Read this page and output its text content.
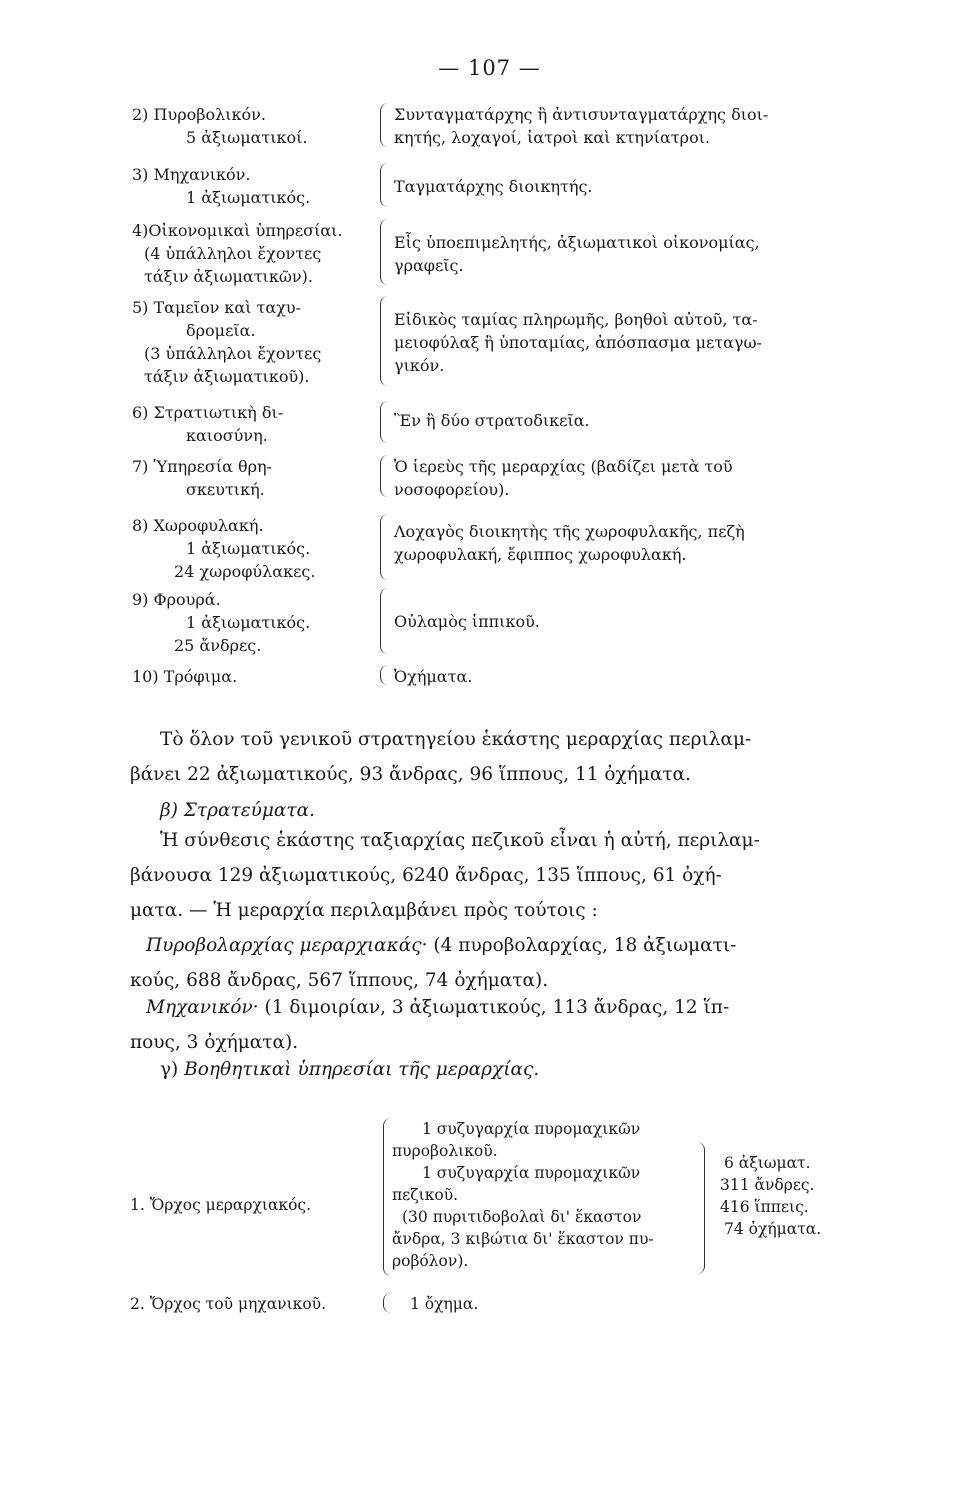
— 107 —
2) Πυροβολικόν.
5 ἀξιωματικοί.
Συνταγματάρχης ἢ ἀντισυνταγματάρχης διοι-
κητής, λοχαγοί, ἰατροὶ καὶ κτηνίατροι.
3) Μηχανικόν.
1 ἀξιωματικός.
Ταγματάρχης διοικητής.
4)Οἰκονομικαὶ ὑπηρεσίαι.
(4 ὑπάλληλοι ἔχοντες
τάξιν ἀξιωματικῶν).
Εἷς ὑποεπιμελητής, ἀξιωματικοὶ οἰκονομίας,
γραφεῖς.
5) Ταμεῖον καὶ ταχυ-
δρομεῖα.
(3 ὑπάλληλοι ἔχοντες
τάξιν ἀξιωματικοῦ).
Εἰδικὸς ταμίας πληρωμῆς, βοηθοὶ αὐτοῦ, τα-
μειοφύλαξ ἢ ὑποταμίας, ἀπόσπασμα μεταγω-
γικόν.
6) Στρατιωτικὴ δι-
καιοσύνη.
Ἓν ἢ δύο στρατοδικεῖα.
7) Ὑπηρεσία θρη-
σκευτική.
Ὁ ἱερεὺς τῆς μεραρχίας (βαδίζει μετὰ τοῦ
νοσοφορείου).
8) Χωροφυλακή.
1 ἀξιωματικός.
24 χωροφύλακες.
Λοχαγὸς διοικητὴς τῆς χωροφυλακῆς, πεζὴ
χωροφυλακή, ἔφιππος χωροφυλακή.
9) Φρουρά.
1 ἀξιωματικός.
25 ἄνδρες.
Οὐλαμὸς ἱππικοῦ.
10) Τρόφιμα.	Ὀχήματα.
Τὸ ὅλον τοῦ γενικοῦ στρατηγείου ἑκάστης μεραρχίας περιλαμ-
βάνει 22 ἀξιωματικούς, 93 ἄνδρας, 96 ἵππους, 11 ὀχήματα.
β) Στρατεύματα.
Ἡ σύνθεσις ἑκάστης ταξιαρχίας πεζικοῦ εἶναι ἡ αὐτή, περιλαμ-
βάνουσα 129 ἀξιωματικούς, 6240 ἄνδρας, 135 ἵππους, 61 ὀχή-
ματα. — Ἡ μεραρχία περιλαμβάνει πρὸς τούτοις :
Πυροβολαρχίας μεραρχιακάς· (4 πυροβολαρχίας, 18 ἀξιωματι-
κούς, 688 ἄνδρας, 567 ἵππους, 74 ὀχήματα).
Μηχανικόν· (1 διμοιρίαν, 3 ἀξιωματικούς, 113 ἄνδρας, 12 ἵπ-
πους, 3 ὀχήματα).
γ) Βοηθητικαὶ ὑπηρεσίαι τῆς μεραρχίας.
1. Ὄρχος μεραρχιακός.
1 συζυγαρχία πυρομαχικῶν
πυροβολικοῦ.
1 συζυγαρχία πυρομαχικῶν
πεζικοῦ.
(30 πυριτιδοβολαὶ δι' ἕκαστον
ἄνδρα, 3 κιβώτια δι' ἕκαστον πυ-
ροβόλον).
6 ἀξιωματ.
311 ἄνδρες.
416 ἵππεις.
74 ὀχήματα.
2. Ὄρχος τοῦ μηχανικοῦ.	1 ὄχημα.
